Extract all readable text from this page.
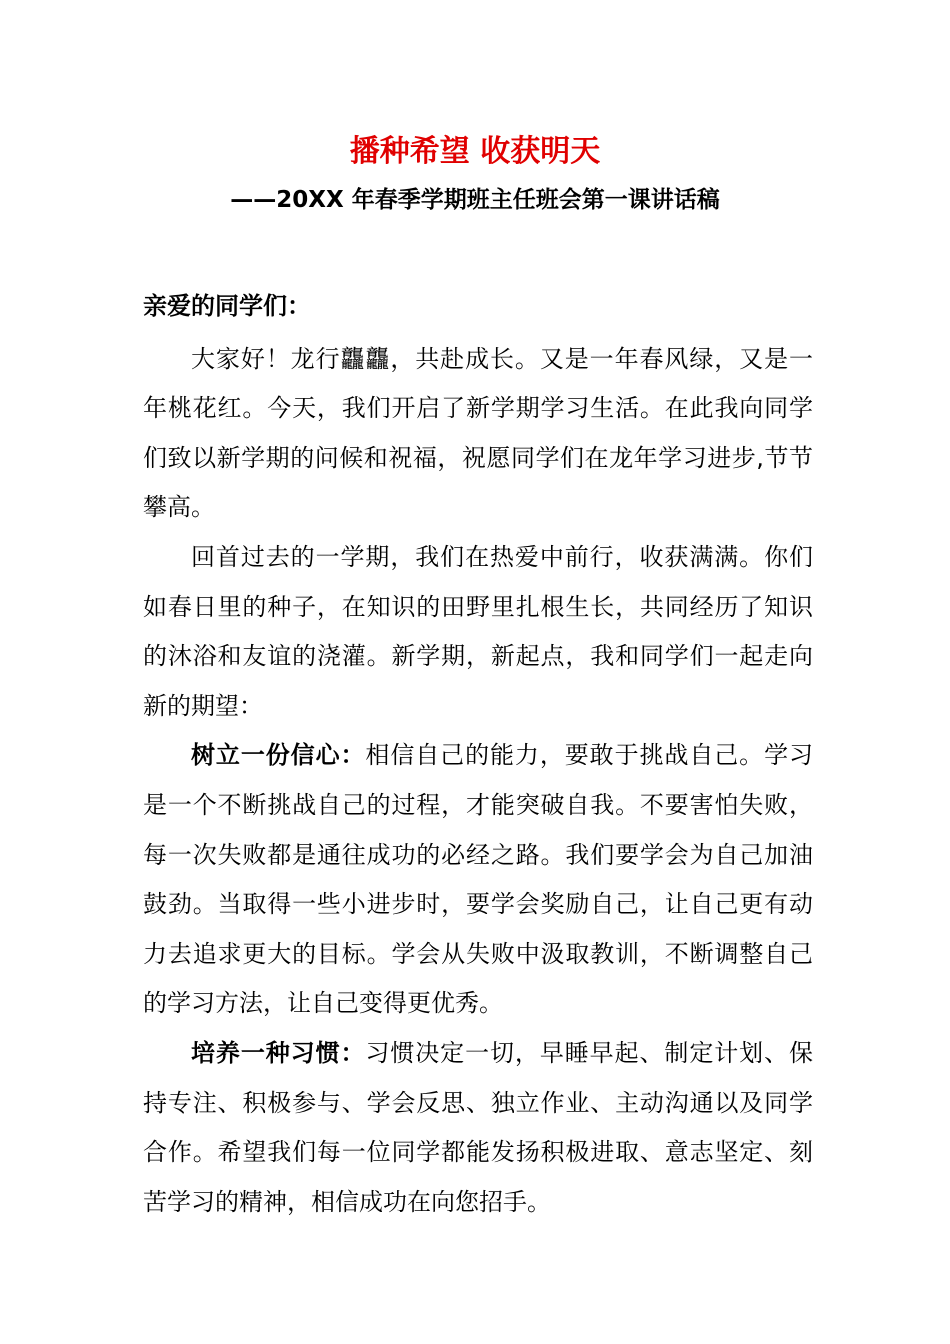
播种希望 收获明天
——20XX 年春季学期班主任班会第一课讲话稿

亲爱的同学们：

大家好！龙行龘龘，共赴成长。又是一年春风绿，又是一年桃花红。今天，我们开启了新学期学习生活。在此我向同学们致以新学期的问候和祝福，祝愿同学们在龙年学习进步,节节攀高。

回首过去的一学期，我们在热爱中前行，收获满满。你们如春日里的种子，在知识的田野里扎根生长，共同经历了知识的沐浴和友谊的浇灌。新学期，新起点，我和同学们一起走向新的期望：

树立一份信心：相信自己的能力，要敢于挑战自己。学习是一个不断挑战自己的过程，才能突破自我。不要害怕失败，每一次失败都是通往成功的必经之路。我们要学会为自己加油鼓劲。当取得一些小进步时，要学会奖励自己，让自己更有动力去追求更大的目标。学会从失败中汲取教训，不断调整自己的学习方法，让自己变得更优秀。

培养一种习惯：习惯决定一切，早睡早起、制定计划、保持专注、积极参与、学会反思、独立作业、主动沟通以及同学合作。希望我们每一位同学都能发扬积极进取、意志坚定、刻苦学习的精神，相信成功在向您招手。
